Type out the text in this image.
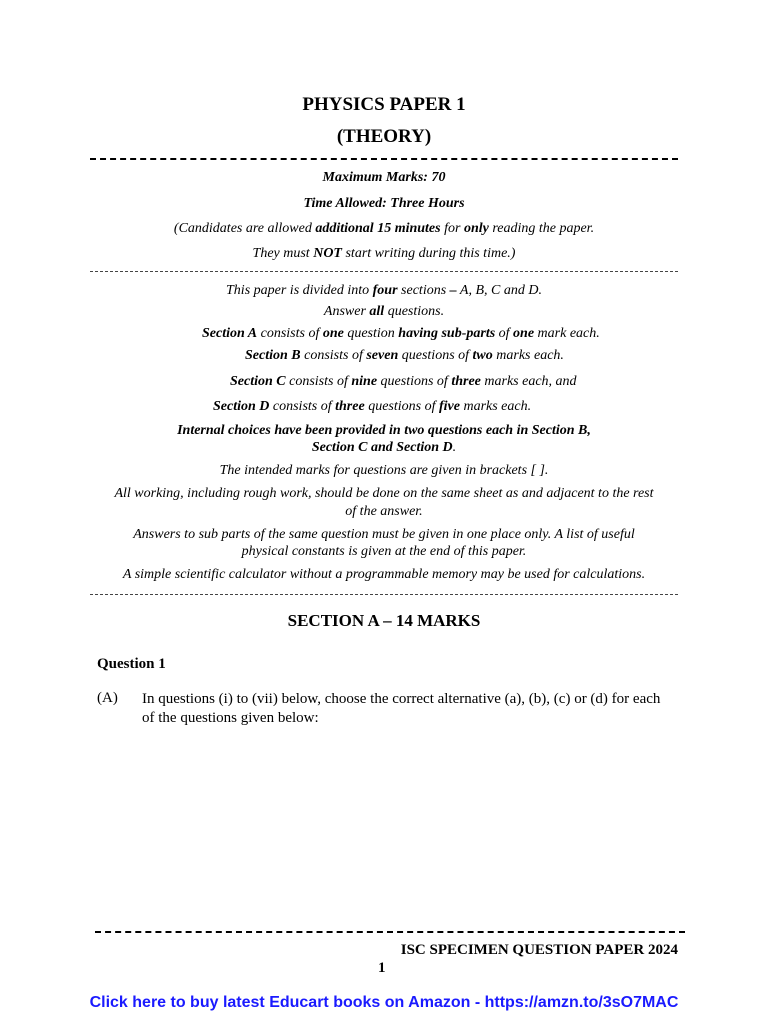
PHYSICS PAPER 1
(THEORY)
Maximum Marks: 70
Time Allowed: Three Hours
(Candidates are allowed additional 15 minutes for only reading the paper.
They must NOT start writing during this time.)
This paper is divided into four sections – A, B, C and D.
Answer all questions.
Section A consists of one question having sub-parts of one mark each.
Section B consists of seven questions of two marks each.
Section C consists of nine questions of three marks each, and
Section D consists of three questions of five marks each.
Internal choices have been provided in two questions each in Section B,
Section C and Section D.
The intended marks for questions are given in brackets [ ].
All working, including rough work, should be done on the same sheet as and adjacent to the rest
of the answer.
Answers to sub parts of the same question must be given in one place only. A list of useful
physical constants is given at the end of this paper.
A simple scientific calculator without a programmable memory may be used for calculations.
SECTION A – 14 MARKS
Question 1
(A) In questions (i) to (vii) below, choose the correct alternative (a), (b), (c) or (d) for each of the questions given below:
ISC SPECIMEN QUESTION PAPER 2024
1
Click here to buy latest Educart books on Amazon - https://amzn.to/3sO7MAC
